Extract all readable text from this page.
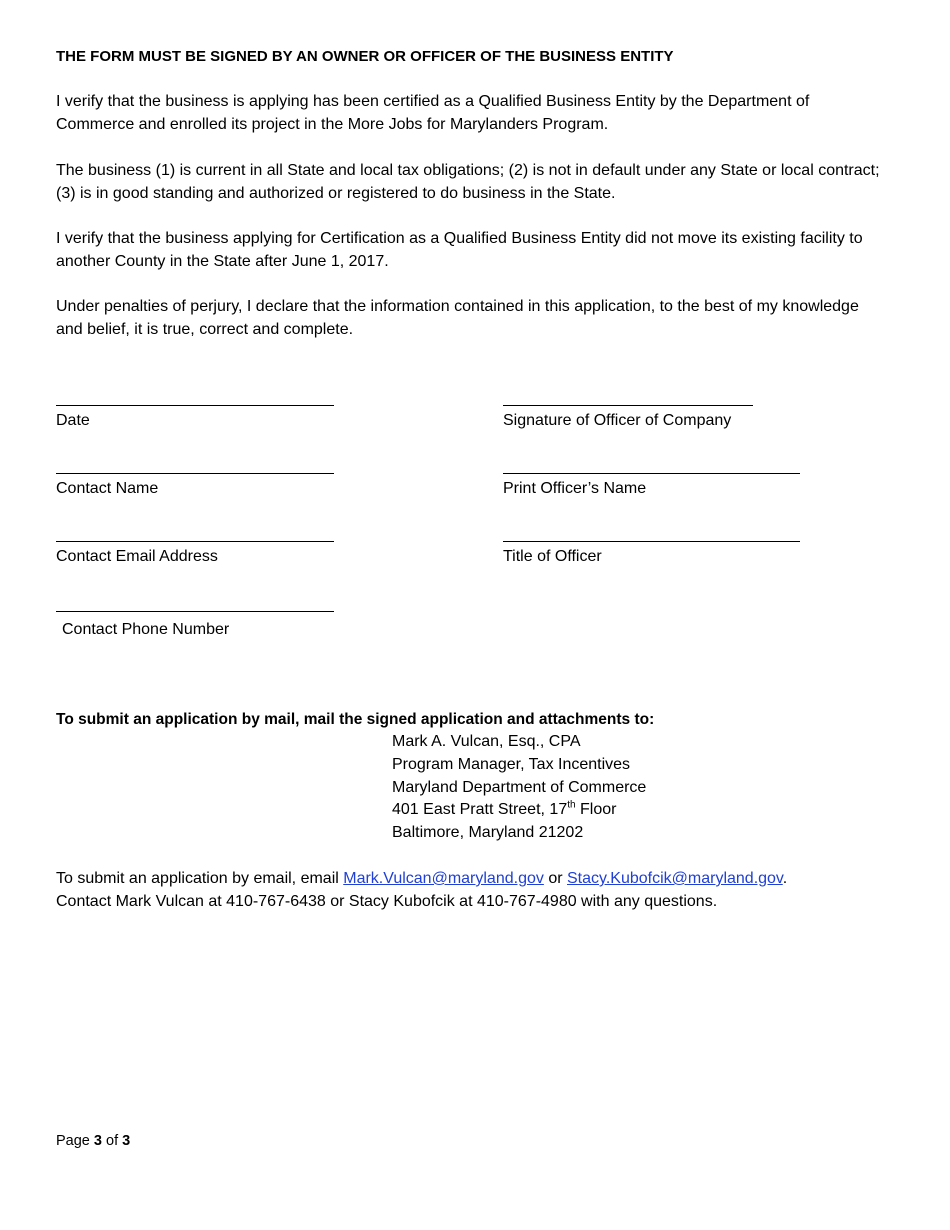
THE FORM MUST BE SIGNED BY AN OWNER OR OFFICER OF THE BUSINESS ENTITY
I verify that the business is applying has been certified as a Qualified Business Entity by the Department of Commerce and enrolled its project in the More Jobs for Marylanders Program.
The business (1) is current in all State and local tax obligations; (2) is not in default under any State or local contract; (3) is in good standing and authorized or registered to do business in the State.
I verify that the business applying for Certification as a Qualified Business Entity did not move its existing facility to another County in the State after June 1, 2017.
Under penalties of perjury, I declare that the information contained in this application, to the best of my knowledge and belief, it is true, correct and complete.
Date
Contact Name
Contact Email Address
Contact Phone Number
Signature of Officer of Company
Print Officer’s Name
Title of Officer
To submit an application by mail, mail the signed application and attachments to:
Mark A. Vulcan, Esq., CPA
Program Manager, Tax Incentives
Maryland Department of Commerce
401 East Pratt Street, 17th Floor
Baltimore, Maryland 21202
To submit an application by email, email Mark.Vulcan@maryland.gov or Stacy.Kubofcik@maryland.gov.
Contact Mark Vulcan at 410-767-6438 or Stacy Kubofcik at 410-767-4980 with any questions.
Page 3 of 3
